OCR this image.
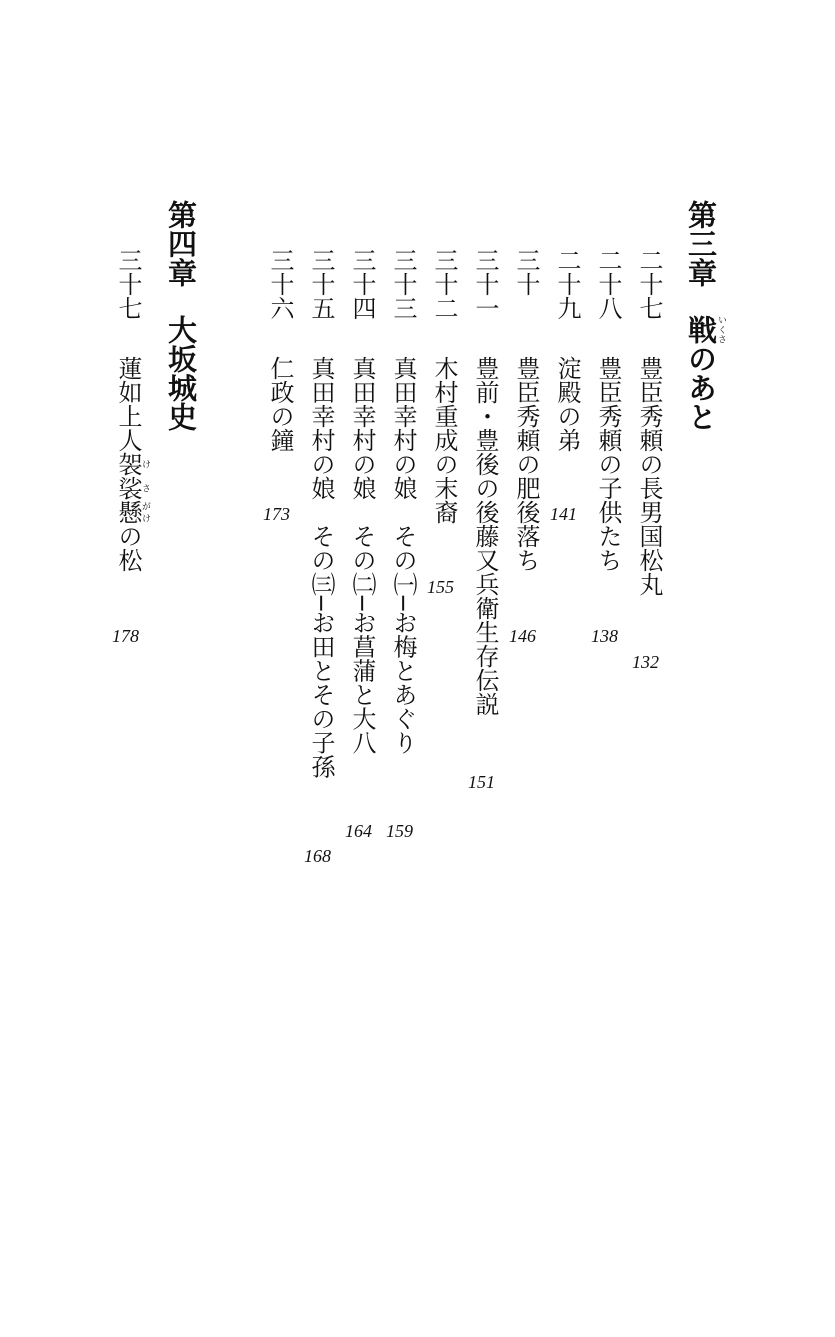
第三章戦いくさのあと
二十七
豊臣秀頼の長男国松丸
132
二十八
豊臣秀頼の子供たち
138
二十九
淀殿の弟
141
三十
豊臣秀頼の肥後落ち
146
三十一
豊前・豊後の後藤又兵衛生存伝説
151
三十二
木村重成の末裔
155
三十三
真田幸村の娘　その㈠─お梅とあぐり
159
三十四
真田幸村の娘　その㈡─お菖蒲と大八
164
三十五
真田幸村の娘　その㈢─お田とその子孫
168
三十六
仁政の鐘
173
第四章大坂城史
三十七
蓮如上人袈け裟さ懸がけの松
178
